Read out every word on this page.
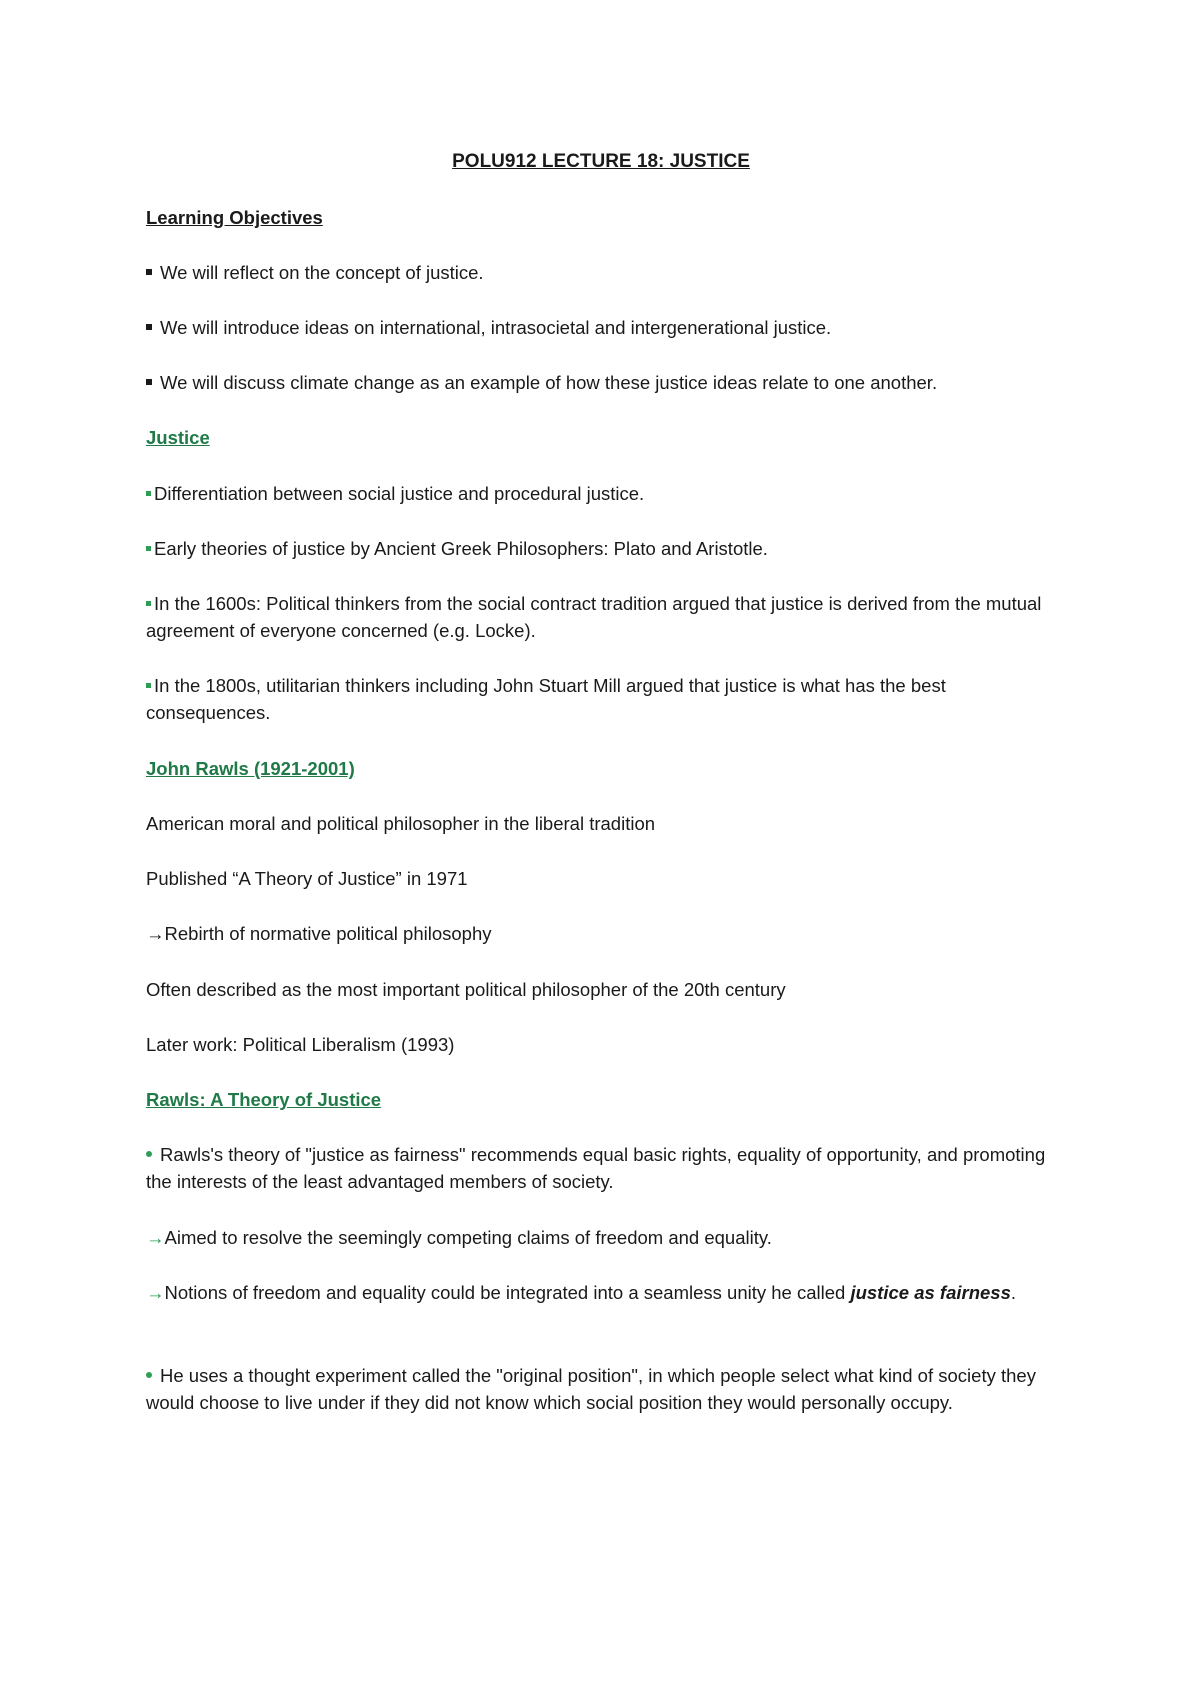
POLU912 LECTURE 18: JUSTICE
Learning Objectives
We will reflect on the concept of justice.
We will introduce ideas on international, intrasocietal and intergenerational justice.
We will discuss climate change as an example of how these justice ideas relate to one another.
Justice
Differentiation between social justice and procedural justice.
Early theories of justice by Ancient Greek Philosophers: Plato and Aristotle.
In the 1600s: Political thinkers from the social contract tradition argued that justice is derived from the mutual agreement of everyone concerned (e.g. Locke).
In the 1800s, utilitarian thinkers including John Stuart Mill argued that justice is what has the best consequences.
John Rawls (1921-2001)
American moral and political philosopher in the liberal tradition
Published “A Theory of Justice” in 1971
→Rebirth of normative political philosophy
Often described as the most important political philosopher of the 20th century
Later work: Political Liberalism (1993)
Rawls: A Theory of Justice
Rawls's theory of "justice as fairness" recommends equal basic rights, equality of opportunity, and promoting the interests of the least advantaged members of society.
→Aimed to resolve the seemingly competing claims of freedom and equality.
→Notions of freedom and equality could be integrated into a seamless unity he called justice as fairness.
He uses a thought experiment called the "original position", in which people select what kind of society they would choose to live under if they did not know which social position they would personally occupy.
